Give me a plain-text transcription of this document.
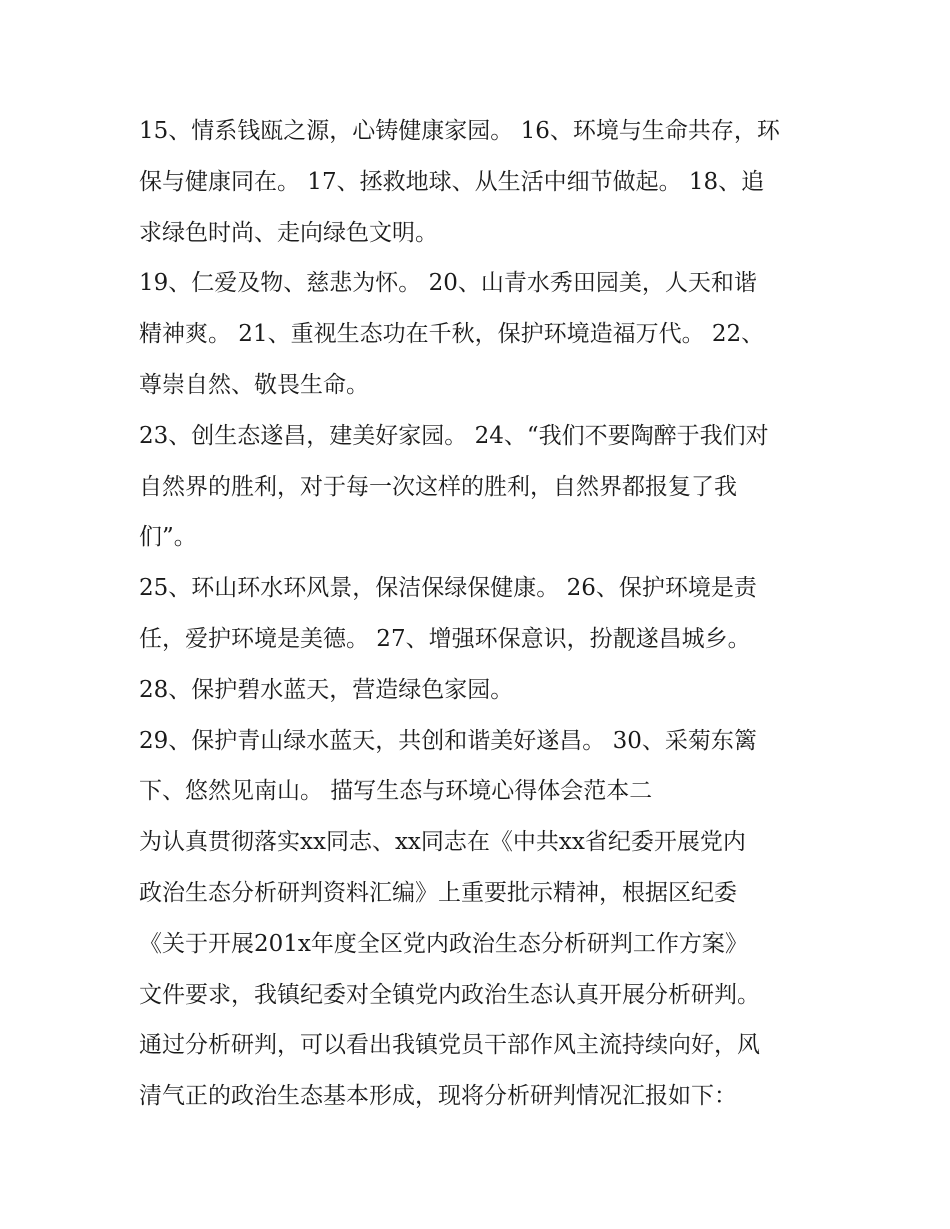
15、情系钱瓯之源，心铸健康家园。 16、环境与生命共存，环
保与健康同在。 17、拯救地球、从生活中细节做起。 18、追
求绿色时尚、走向绿色文明。
19、仁爱及物、慈悲为怀。 20、山青水秀田园美，人天和谐
精神爽。 21、重视生态功在千秋，保护环境造福万代。 22、
尊崇自然、敬畏生命。
23、创生态遂昌，建美好家园。 24、“我们不要陶醉于我们对
自然界的胜利，对于每一次这样的胜利，自然界都报复了我
们”。
25、环山环水环风景，保洁保绿保健康。 26、保护环境是责
任，爱护环境是美德。 27、增强环保意识，扮靓遂昌城乡。
28、保护碧水蓝天，营造绿色家园。
29、保护青山绿水蓝天，共创和谐美好遂昌。 30、采菊东篱
下、悠然见南山。 描写生态与环境心得体会范本二
为认真贯彻落实xx同志、xx同志在《中共xx省纪委开展党内
政治生态分析研判资料汇编》上重要批示精神，根据区纪委
《关于开展201x年度全区党内政治生态分析研判工作方案》
文件要求，我镇纪委对全镇党内政治生态认真开展分析研判。
通过分析研判，可以看出我镇党员干部作风主流持续向好，风
清气正的政治生态基本形成，现将分析研判情况汇报如下：
